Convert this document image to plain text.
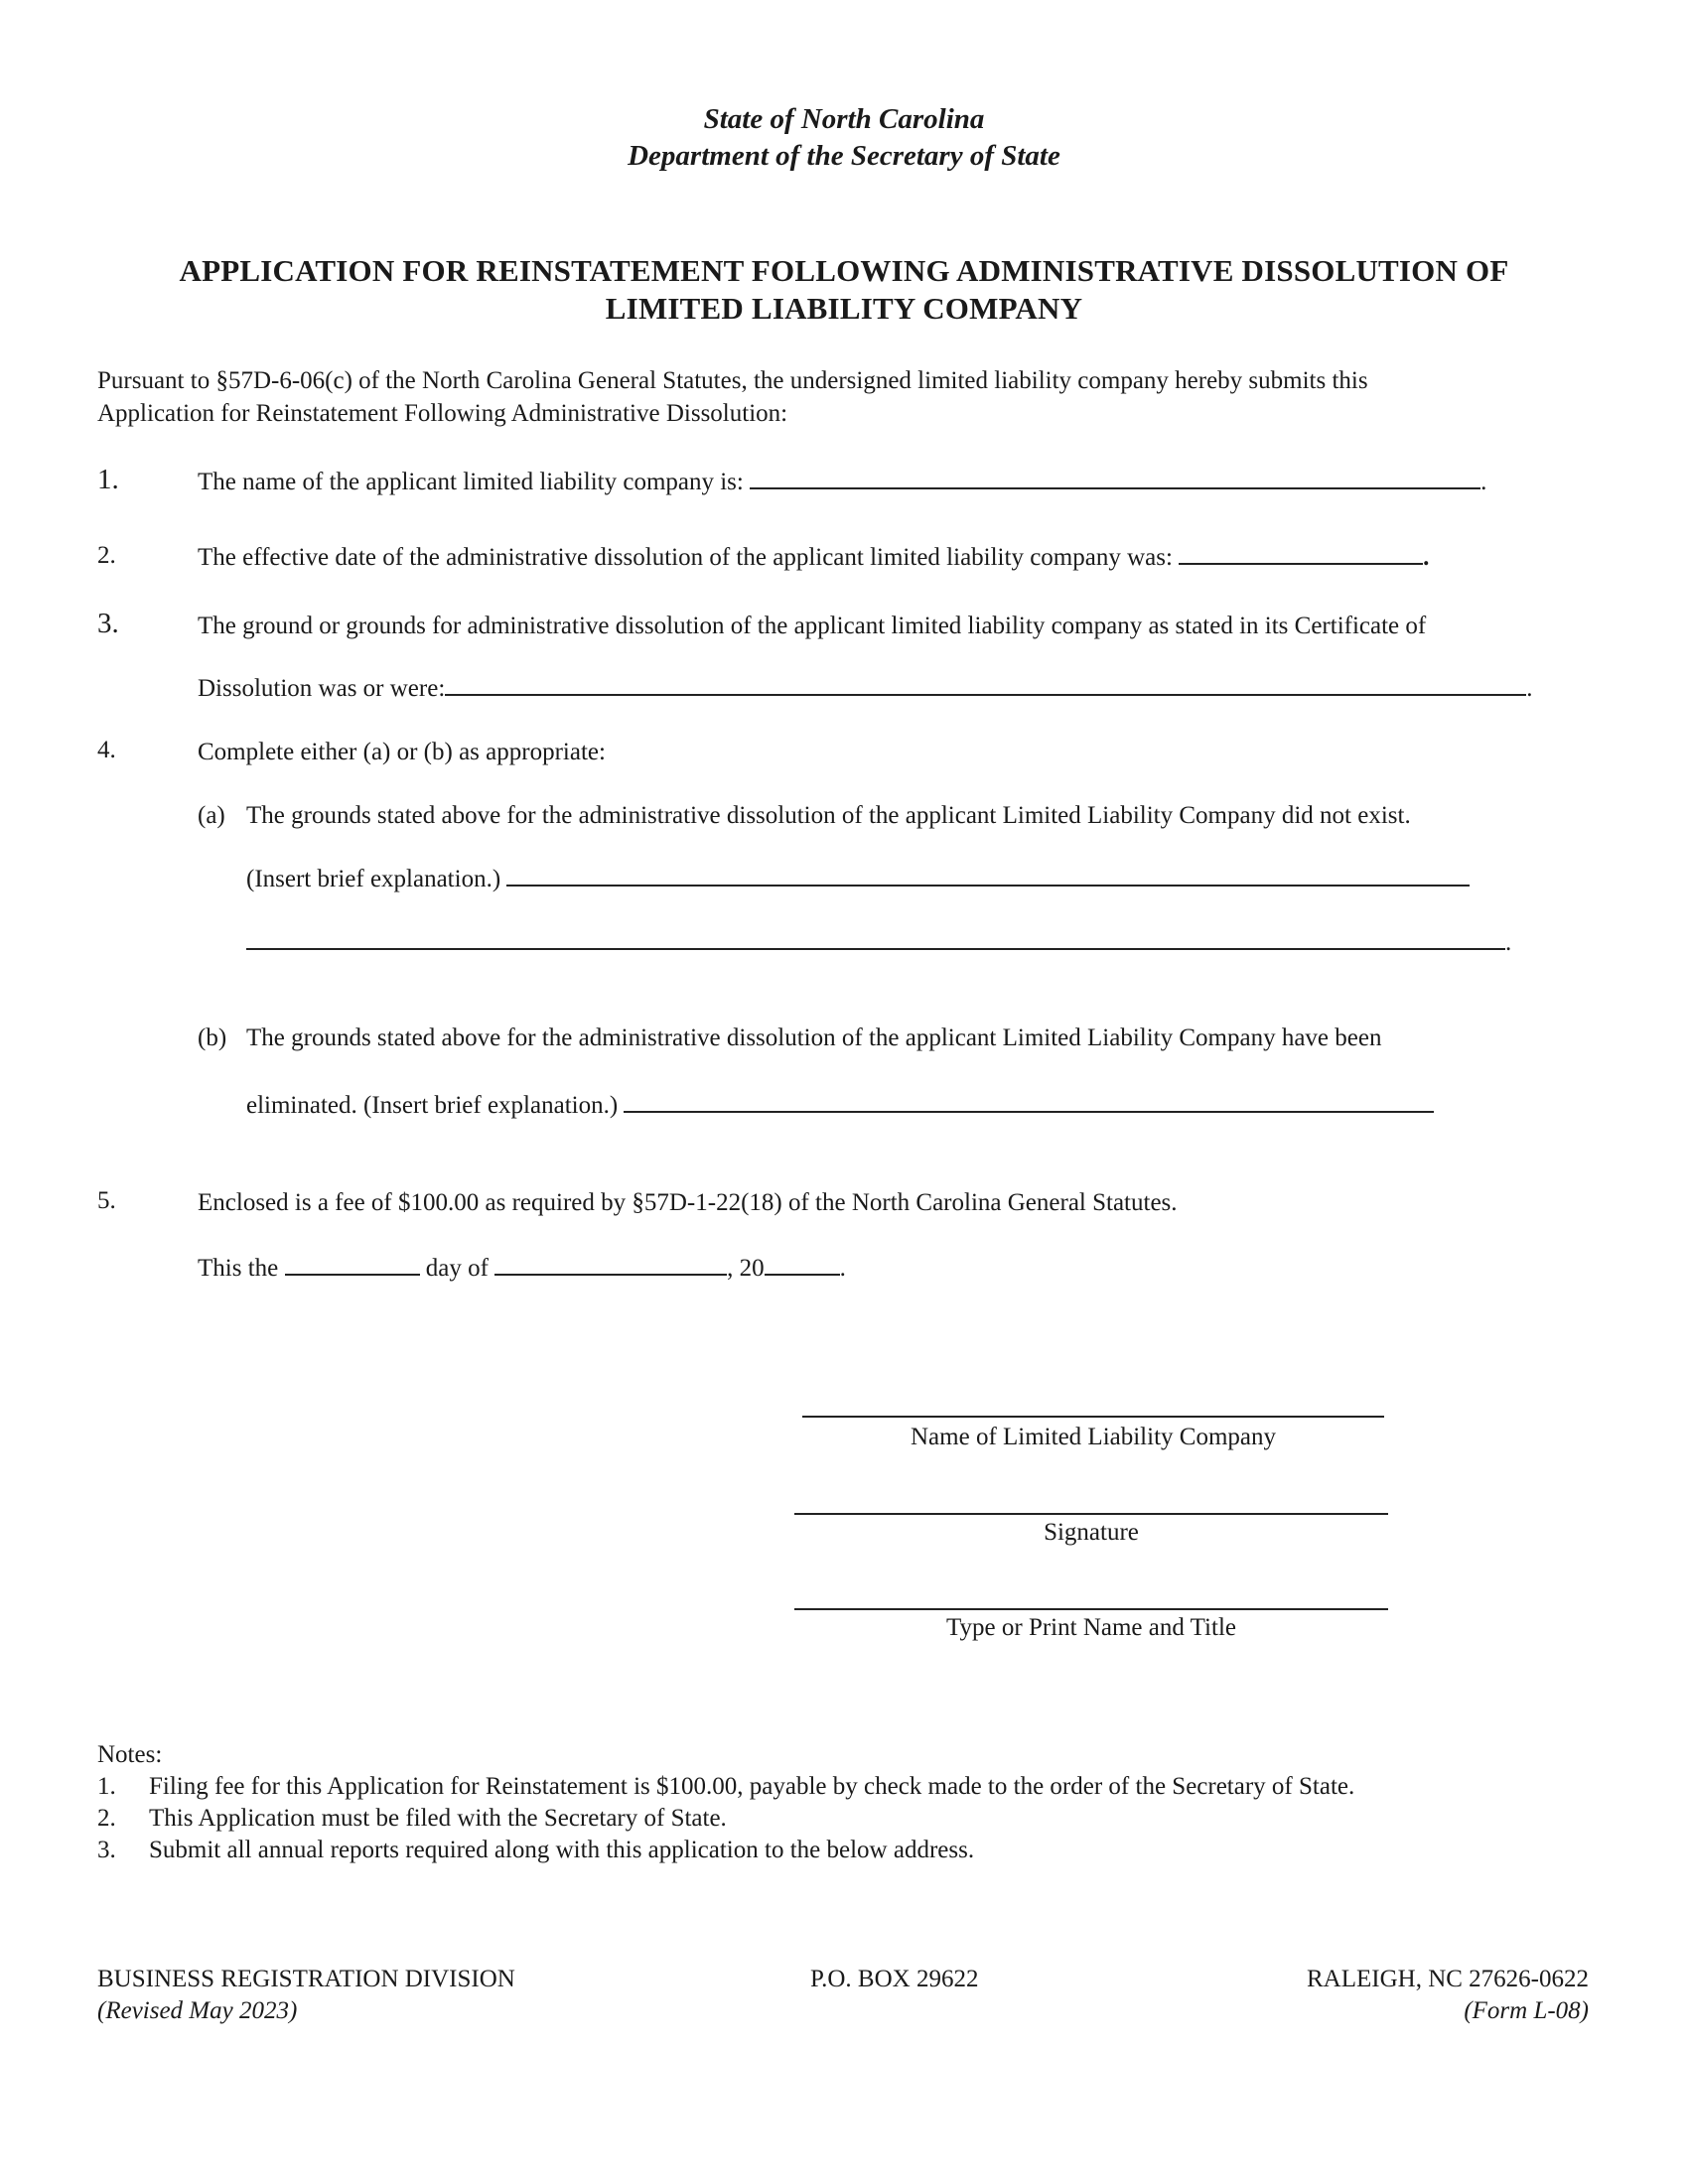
State of North Carolina
Department of the Secretary of State
APPLICATION FOR REINSTATEMENT FOLLOWING ADMINISTRATIVE DISSOLUTION OF
LIMITED LIABILITY COMPANY
Pursuant to §57D-6-06(c) of the North Carolina General Statutes, the undersigned limited liability company hereby submits this
Application for Reinstatement Following Administrative Dissolution:
1.	The name of the applicant limited liability company is:	.
2.	The effective date of the administrative dissolution of the applicant limited liability company was:	.
3.	The ground or grounds for administrative dissolution of the applicant limited liability company as stated in its Certificate of
Dissolution was or were:	.
4.	Complete either (a) or (b) as appropriate:
(a) The grounds stated above for the administrative dissolution of the applicant Limited Liability Company did not exist.
(Insert brief explanation.)
.
(b) The grounds stated above for the administrative dissolution of the applicant Limited Liability Company have been
eliminated. (Insert brief explanation.)
5.	Enclosed is a fee of $100.00 as required by §57D-1-22(18) of the North Carolina General Statutes.
This the	day of	, 20	.
Name of Limited Liability Company
Signature
Type or Print Name and Title
Notes:
1. Filing fee for this Application for Reinstatement is $100.00, payable by check made to the order of the Secretary of State.
2. This Application must be filed with the Secretary of State.
3. Submit all annual reports required along with this application to the below address.
BUSINESS REGISTRATION DIVISION
(Revised May 2023)
P.O. BOX 29622	RALEIGH, NC 27626-0622
(Form L-08)
